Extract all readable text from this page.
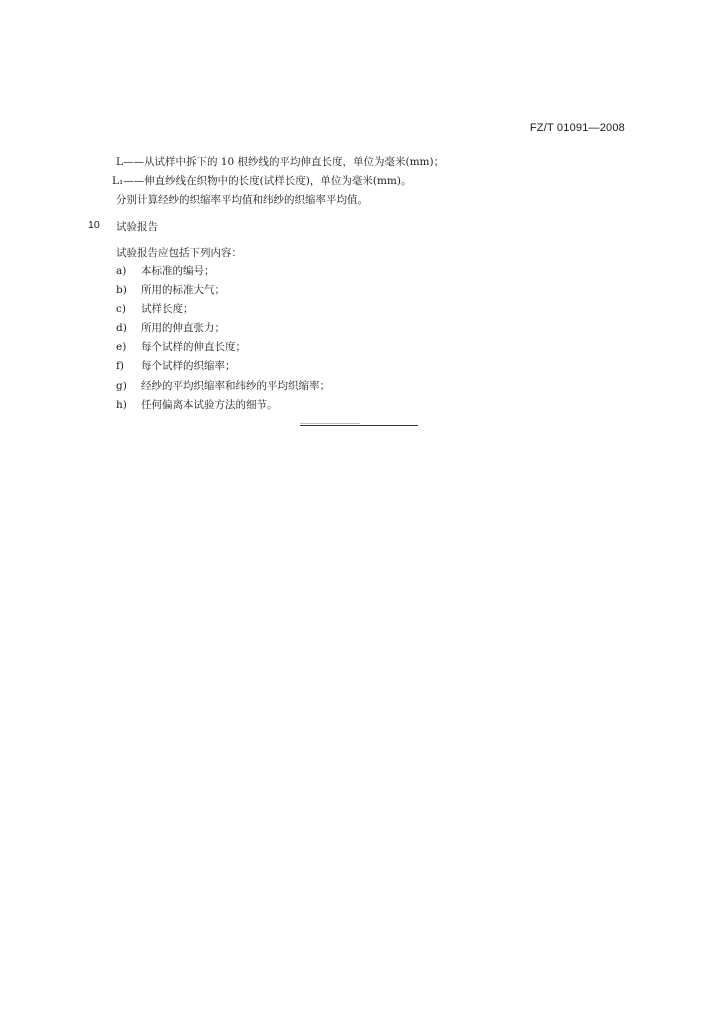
FZ/T 01091—2008
L——从试样中拆下的 10 根纱线的平均伸直长度，单位为毫米(mm)；
L₁——伸直纱线在织物中的长度(试样长度)，单位为毫米(mm)。
分别计算经纱的织缩率平均值和纬纱的织缩率平均值。
10 试验报告
试验报告应包括下列内容：
a)	本标准的编号；
b)	所用的标准大气；
c)	试样长度；
d)	所用的伸直张力；
e)	每个试样的伸直长度；
f)	每个试样的织缩率；
g)	经纱的平均织缩率和纬纱的平均织缩率；
h)	任何偏离本试验方法的细节。
